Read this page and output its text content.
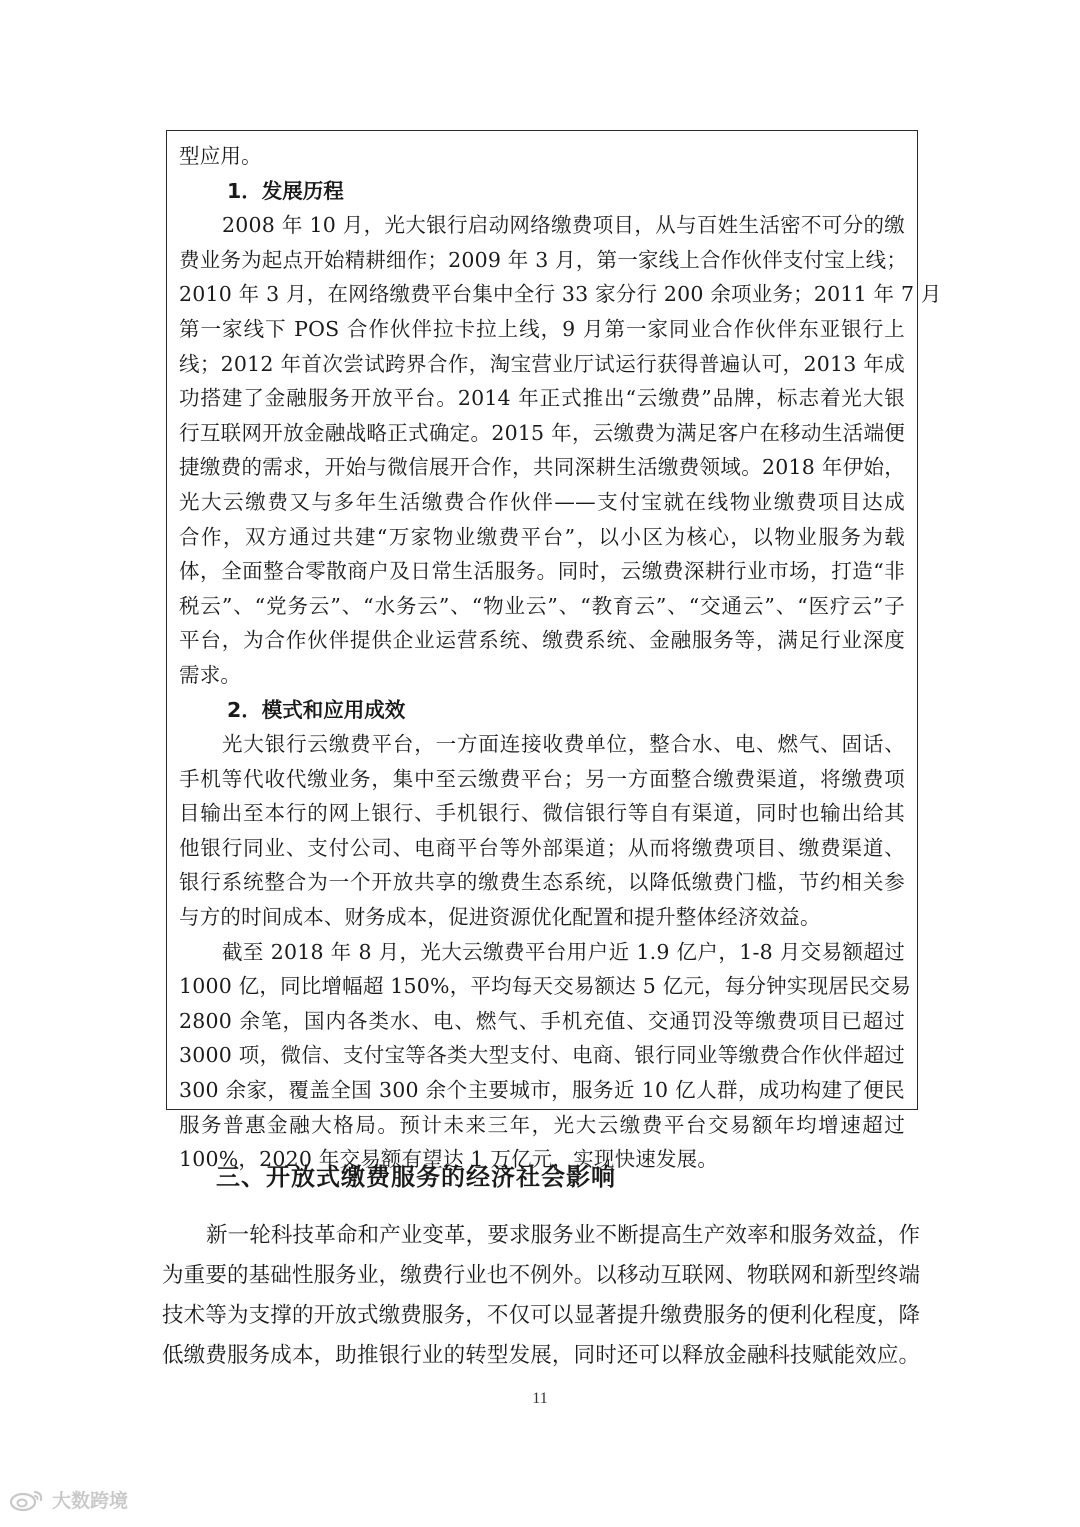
型应用。

1．发展历程

2008 年 10 月，光大银行启动网络缴费项目，从与百姓生活密不可分的缴

费业务为起点开始精耕细作；2009 年 3 月，第一家线上合作伙伴支付宝上线；

2010 年 3 月，在网络缴费平台集中全行 33 家分行 200 余项业务；2011 年 7 月

第一家线下 POS 合作伙伴拉卡拉上线，9 月第一家同业合作伙伴东亚银行上

线；2012 年首次尝试跨界合作，淘宝营业厅试运行获得普遍认可，2013 年成

功搭建了金融服务开放平台。2014 年正式推出“云缴费”品牌，标志着光大银

行互联网开放金融战略正式确定。2015 年，云缴费为满足客户在移动生活端便

捷缴费的需求，开始与微信展开合作，共同深耕生活缴费领域。2018 年伊始，

光大云缴费又与多年生活缴费合作伙伴——支付宝就在线物业缴费项目达成

合作，双方通过共建“万家物业缴费平台”，以小区为核心，以物业服务为载

体，全面整合零散商户及日常生活服务。同时，云缴费深耕行业市场，打造“非

税云”、“党务云”、“水务云”、“物业云”、“教育云”、“交通云”、“医疗云”子

平台，为合作伙伴提供企业运营系统、缴费系统、金融服务等，满足行业深度

需求。

2．模式和应用成效

光大银行云缴费平台，一方面连接收费单位，整合水、电、燃气、固话、

手机等代收代缴业务，集中至云缴费平台；另一方面整合缴费渠道，将缴费项

目输出至本行的网上银行、手机银行、微信银行等自有渠道，同时也输出给其

他银行同业、支付公司、电商平台等外部渠道；从而将缴费项目、缴费渠道、

银行系统整合为一个开放共享的缴费生态系统，以降低缴费门槛，节约相关参

与方的时间成本、财务成本，促进资源优化配置和提升整体经济效益。

截至 2018 年 8 月，光大云缴费平台用户近 1.9 亿户，1-8 月交易额超过

1000 亿，同比增幅超 150%，平均每天交易额达 5 亿元，每分钟实现居民交易

2800 余笔，国内各类水、电、燃气、手机充值、交通罚没等缴费项目已超过

3000 项，微信、支付宝等各类大型支付、电商、银行同业等缴费合作伙伴超过

300 余家，覆盖全国 300 余个主要城市，服务近 10 亿人群，成功构建了便民

服务普惠金融大格局。预计未来三年，光大云缴费平台交易额年均增速超过

100%，2020 年交易额有望达 1 万亿元，实现快速发展。

三、开放式缴费服务的经济社会影响

新一轮科技革命和产业变革，要求服务业不断提高生产效率和服务效益，作

为重要的基础性服务业，缴费行业也不例外。以移动互联网、物联网和新型终端

技术等为支撑的开放式缴费服务，不仅可以显著提升缴费服务的便利化程度，降

低缴费服务成本，助推银行业的转型发展，同时还可以释放金融科技赋能效应。

11

大数跨境
